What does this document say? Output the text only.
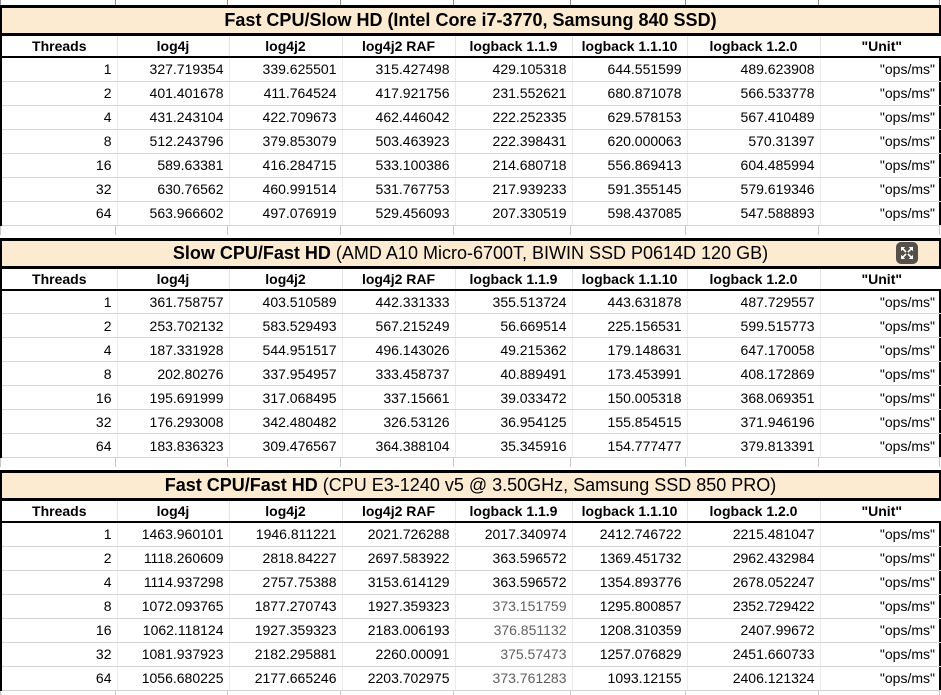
Fast CPU/Slow HD (Intel Core i7-3770, Samsung 840 SSD)
Threads	log4j	log4j2	log4j2 RAF	logback 1.1.9	logback 1.1.10	logback 1.2.0	"Unit"
1	327.719354	339.625501	315.427498	429.105318	644.551599	489.623908	"ops/ms"
2	401.401678	411.764524	417.921756	231.552621	680.871078	566.533778	"ops/ms"
4	431.243104	422.709673	462.446042	222.252335	629.578153	567.410489	"ops/ms"
8	512.243796	379.853079	503.463923	222.398431	620.000063	570.31397	"ops/ms"
16	589.63381	416.284715	533.100386	214.680718	556.869413	604.485994	"ops/ms"
32	630.76562	460.991514	531.767753	217.939233	591.355145	579.619346	"ops/ms"
64	563.966602	497.076919	529.456093	207.330519	598.437085	547.588893	"ops/ms"
Slow CPU/Fast HD (AMD A10 Micro-6700T, BIWIN SSD P0614D 120 GB)
Threads	log4j	log4j2	log4j2 RAF	logback 1.1.9	logback 1.1.10	logback 1.2.0	"Unit"
1	361.758757	403.510589	442.331333	355.513724	443.631878	487.729557	"ops/ms"
2	253.702132	583.529493	567.215249	56.669514	225.156531	599.515773	"ops/ms"
4	187.331928	544.951517	496.143026	49.215362	179.148631	647.170058	"ops/ms"
8	202.80276	337.954957	333.458737	40.889491	173.453991	408.172869	"ops/ms"
16	195.691999	317.068495	337.15661	39.033472	150.005318	368.069351	"ops/ms"
32	176.293008	342.480482	326.53126	36.954125	155.854515	371.946196	"ops/ms"
64	183.836323	309.476567	364.388104	35.345916	154.777477	379.813391	"ops/ms"
Fast CPU/Fast HD (CPU E3-1240 v5 @ 3.50GHz, Samsung SSD 850 PRO)
Threads	log4j	log4j2	log4j2 RAF	logback 1.1.9	logback 1.1.10	logback 1.2.0	"Unit"
1	1463.960101	1946.811221	2021.726288	2017.340974	2412.746722	2215.481047	"ops/ms"
2	1118.260609	2818.84227	2697.583922	363.596572	1369.451732	2962.432984	"ops/ms"
4	1114.937298	2757.75388	3153.614129	363.596572	1354.893776	2678.052247	"ops/ms"
8	1072.093765	1877.270743	1927.359323	373.151759	1295.800857	2352.729422	"ops/ms"
16	1062.118124	1927.359323	2183.006193	376.851132	1208.310359	2407.99672	"ops/ms"
32	1081.937923	2182.295881	2260.00091	375.57473	1257.076829	2451.660733	"ops/ms"
64	1056.680225	2177.665246	2203.702975	373.761283	1093.12155	2406.121324	"ops/ms"
